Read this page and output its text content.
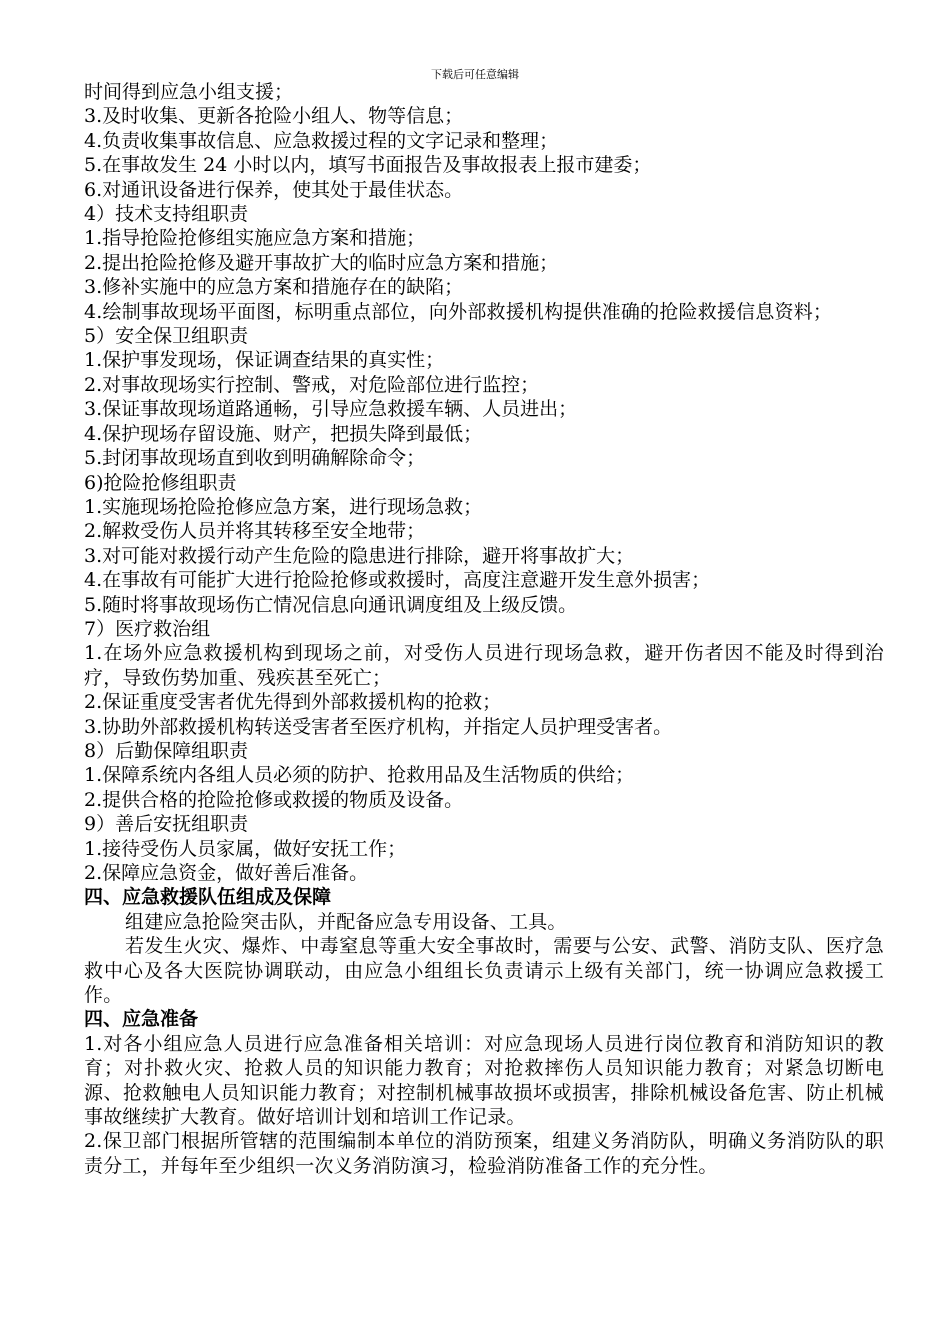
下载后可任意编辑

时间得到应急小组支援；

3.及时收集、更新各抢险小组人、物等信息；

4.负责收集事故信息、应急救援过程的文字记录和整理；

5.在事故发生 24 小时以内，填写书面报告及事故报表上报市建委；

6.对通讯设备进行保养，使其处于最佳状态。

4）技术支持组职责

1.指导抢险抢修组实施应急方案和措施；

2.提出抢险抢修及避开事故扩大的临时应急方案和措施；

3.修补实施中的应急方案和措施存在的缺陷；

4.绘制事故现场平面图，标明重点部位，向外部救援机构提供准确的抢险救援信息资料；

5）安全保卫组职责

1.保护事发现场，保证调查结果的真实性；

2.对事故现场实行控制、警戒，对危险部位进行监控；

3.保证事故现场道路通畅，引导应急救援车辆、人员进出；

4.保护现场存留设施、财产，把损失降到最低；

5.封闭事故现场直到收到明确解除命令；

6)抢险抢修组职责

1.实施现场抢险抢修应急方案，进行现场急救；

2.解救受伤人员并将其转移至安全地带；

3.对可能对救援行动产生危险的隐患进行排除，避开将事故扩大；

4.在事故有可能扩大进行抢险抢修或救援时，高度注意避开发生意外损害；

5.随时将事故现场伤亡情况信息向通讯调度组及上级反馈。

7）医疗救治组

1.在场外应急救援机构到现场之前，对受伤人员进行现场急救，避开伤者因不能及时得到治疗，导致伤势加重、残疾甚至死亡；

2.保证重度受害者优先得到外部救援机构的抢救；

3.协助外部救援机构转送受害者至医疗机构，并指定人员护理受害者。

8）后勤保障组职责

1.保障系统内各组人员必须的防护、抢救用品及生活物质的供给；

2.提供合格的抢险抢修或救援的物质及设备。

9）善后安抚组职责

1.接待受伤人员家属，做好安抚工作；

2.保障应急资金，做好善后准备。

四、应急救援队伍组成及保障

组建应急抢险突击队，并配备应急专用设备、工具。

若发生火灾、爆炸、中毒窒息等重大安全事故时，需要与公安、武警、消防支队、医疗急救中心及各大医院协调联动，由应急小组组长负责请示上级有关部门，统一协调应急救援工作。

四、应急准备

1.对各小组应急人员进行应急准备相关培训：对应急现场人员进行岗位教育和消防知识的教育；对扑救火灾、抢救人员的知识能力教育；对抢救摔伤人员知识能力教育；对紧急切断电源、抢救触电人员知识能力教育；对控制机械事故损坏或损害，排除机械设备危害、防止机械事故继续扩大教育。做好培训计划和培训工作记录。

2.保卫部门根据所管辖的范围编制本单位的消防预案，组建义务消防队，明确义务消防队的职责分工，并每年至少组织一次义务消防演习，检验消防准备工作的充分性。
